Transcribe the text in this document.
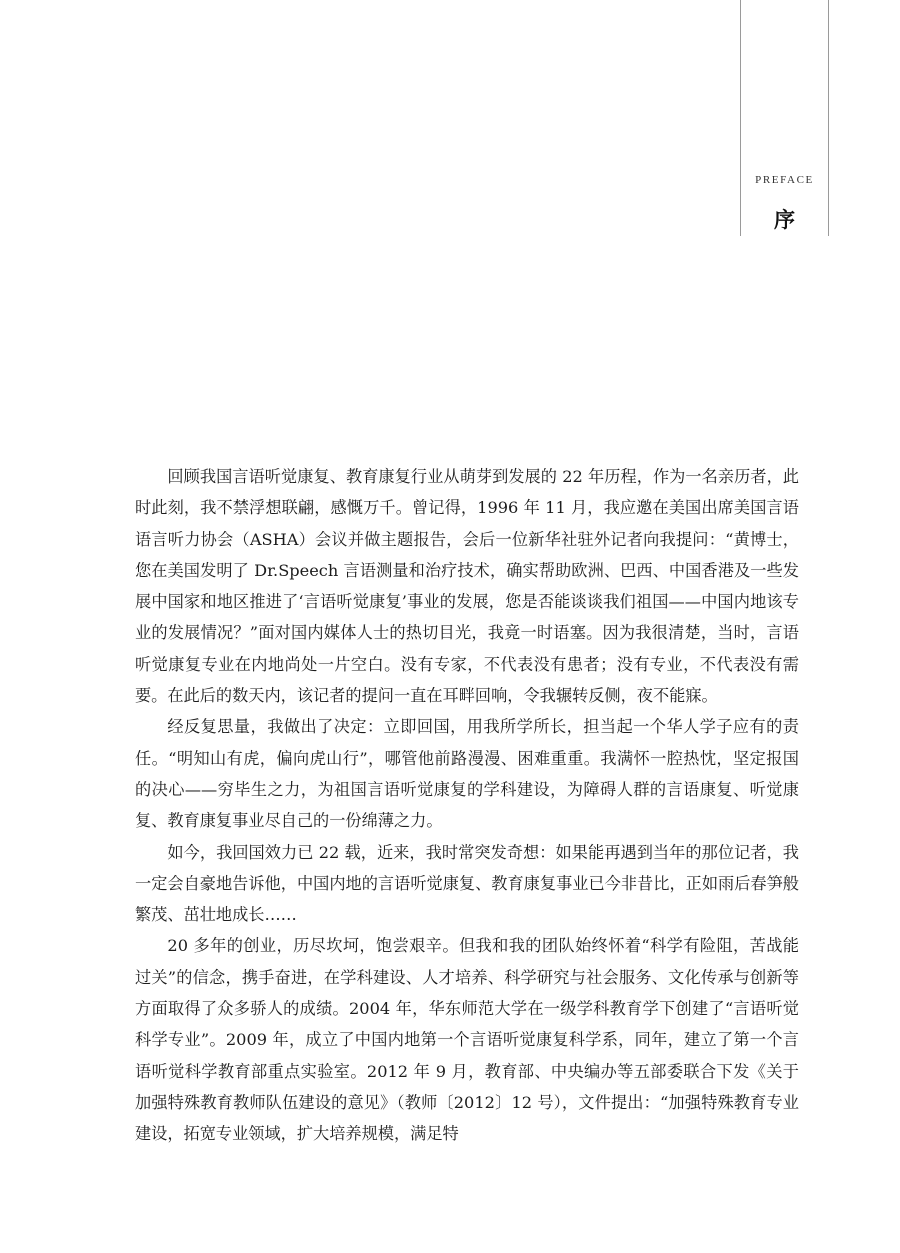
PREFACE
序

回顾我国言语听觉康复、教育康复行业从萌芽到发展的 22 年历程，作为一名亲历者，此时此刻，我不禁浮想联翩，感慨万千。曾记得，1996 年 11 月，我应邀在美国出席美国言语语言听力协会（ASHA）会议并做主题报告，会后一位新华社驻外记者向我提问：“黄博士，您在美国发明了 Dr.Speech 言语测量和治疗技术，确实帮助欧洲、巴西、中国香港及一些发展中国家和地区推进了‘言语听觉康复’事业的发展，您是否能谈谈我们祖国——中国内地该专业的发展情况？”面对国内媒体人士的热切目光，我竟一时语塞。因为我很清楚，当时，言语听觉康复专业在内地尚处一片空白。没有专家，不代表没有患者；没有专业，不代表没有需要。在此后的数天内，该记者的提问一直在耳畔回响，令我辗转反侧，夜不能寐。

经反复思量，我做出了决定：立即回国，用我所学所长，担当起一个华人学子应有的责任。“明知山有虎，偏向虎山行”，哪管他前路漫漫、困难重重。我满怀一腔热忱，坚定报国的决心——穷毕生之力，为祖国言语听觉康复的学科建设，为障碍人群的言语康复、听觉康复、教育康复事业尽自己的一份绵薄之力。

如今，我回国效力已 22 载，近来，我时常突发奇想：如果能再遇到当年的那位记者，我一定会自豪地告诉他，中国内地的言语听觉康复、教育康复事业已今非昔比，正如雨后春笋般繁茂、茁壮地成长……

20 多年的创业，历尽坎坷，饱尝艰辛。但我和我的团队始终怀着“科学有险阻，苦战能过关”的信念，携手奋进，在学科建设、人才培养、科学研究与社会服务、文化传承与创新等方面取得了众多骄人的成绩。2004 年，华东师范大学在一级学科教育学下创建了“言语听觉科学专业”。2009 年，成立了中国内地第一个言语听觉康复科学系，同年，建立了第一个言语听觉科学教育部重点实验室。2012 年 9 月，教育部、中央编办等五部委联合下发《关于加强特殊教育教师队伍建设的意见》（教师〔2012〕12 号），文件提出：“加强特殊教育专业建设，拓宽专业领域，扩大培养规模，满足特
